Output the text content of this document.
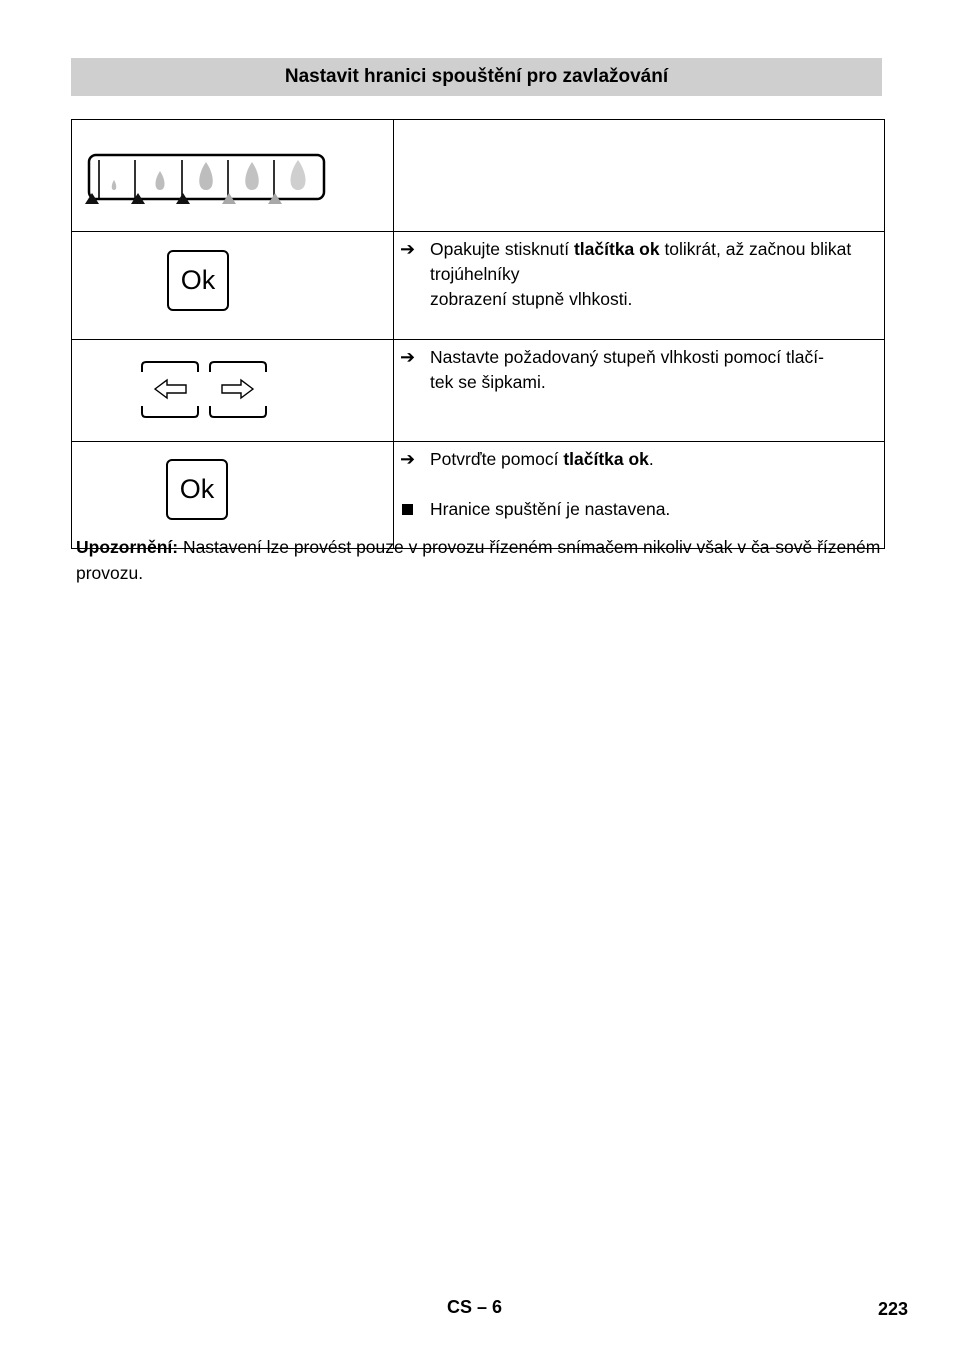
Nastavit hranici spouštění pro zavlažování

Ok	➔ Opakujte stisknutí tlačítka ok tolikrát, až začnou blikat trojúhelníky
zobrazení stupně vlhkosti.

➔ Nastavte požadovaný stupeň vlhkosti pomocí tlačí-
tek se šipkami.

Ok	➔ Potvrďte pomocí tlačítka ok.
Hranice spuštění je nastavena.
Upozornění: Nastavení lze provést pouze v provozu řízeném snímačem nikoliv však v ča-sově řízeném provozu.
CS – 6	223
